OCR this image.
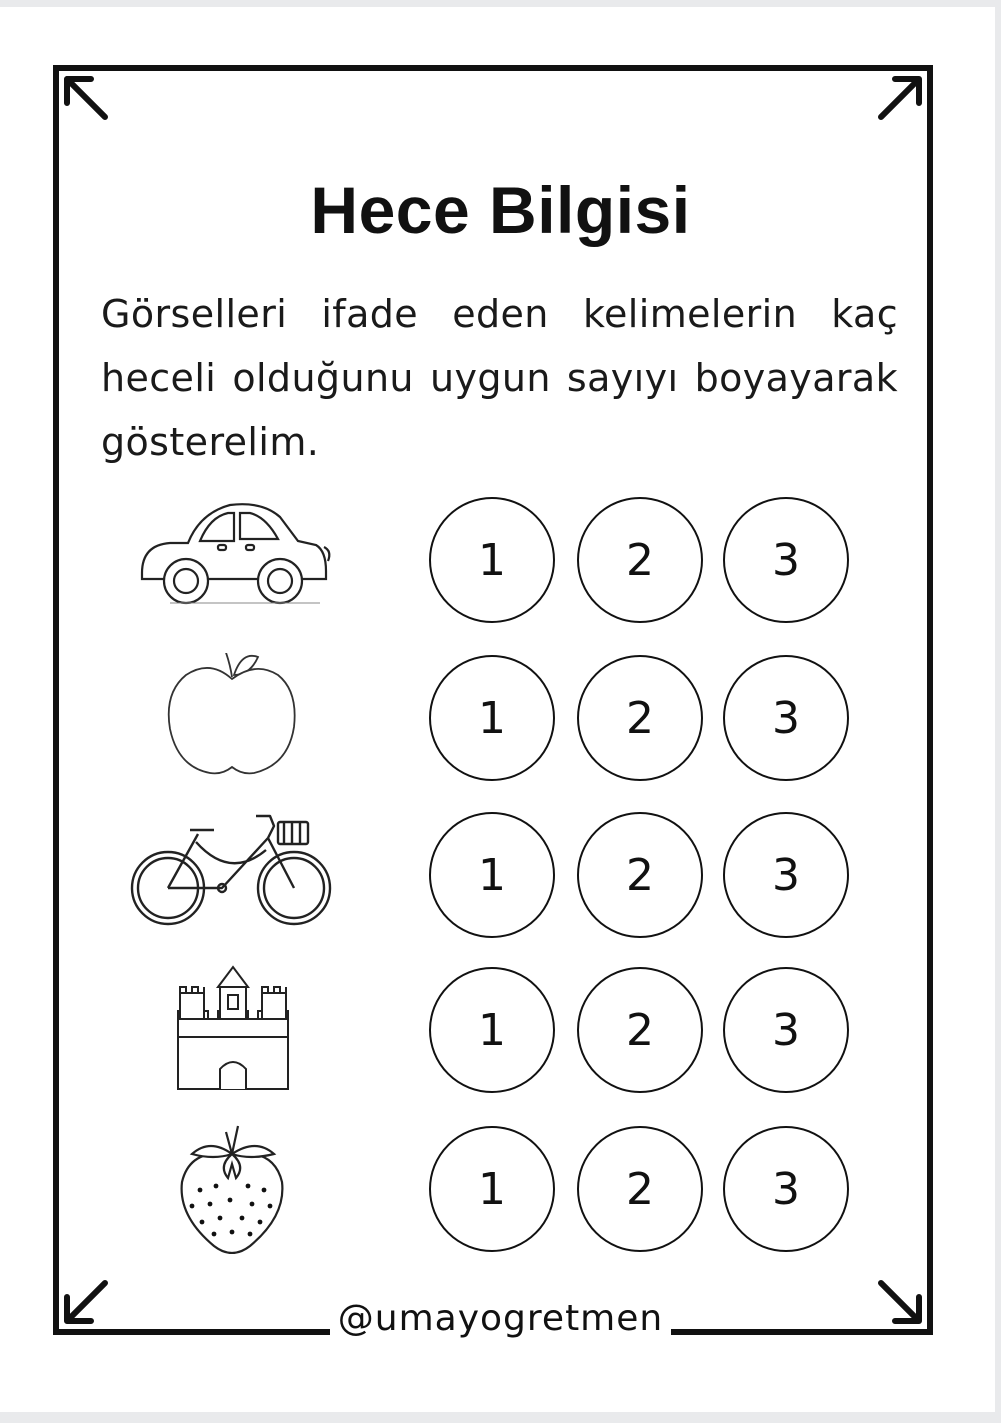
Hece Bilgisi
Görselleri ifade eden kelimelerin kaç heceli olduğunu uygun sayıyı boyayarak gösterelim.
1	2	3
1	2	3
1	2	3
1	2	3
1	2	3
@umayogretmen
